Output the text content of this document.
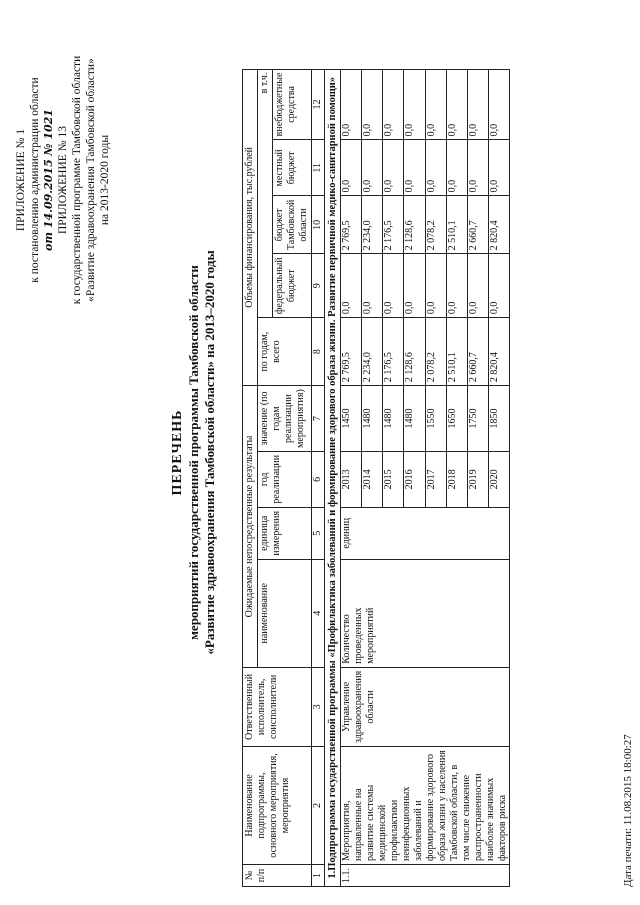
ПРИЛОЖЕНИЕ № 1 к постановлению администрации области от 14.09.2015 № 1021 ПРИЛОЖЕНИЕ № 13 к государственной программе Тамбовской области «Развитие здравоохранения Тамбовской области» на 2013-2020 годы
ПЕРЕЧЕНЬ мероприятий государственной программы Тамбовской области «Развитие здравоохранения Тамбовской области» на 2013–2020 годы
№ п/п	Наименование подпрограммы, основного мероприятия, мероприятия	Ответственный исполнитель, соисполнители	Ожидаемые непосредственные результаты				Объемы финансирования, тыс.рублей				
			наименование	единица измерения	год реализации	значение (по годам реализации мероприятия)	по годам, всего	в т.ч.			
								федеральный бюджет	бюджет Тамбовской области	местный бюджет	внебюджетные средства
1	2	3	4	5	6	7	8	9	10	11	12
1.Подпрограмма государственной программы «Профилактика заболеваний и формирование здорового образа жизни. Развитие первичной медико-санитарной помощи»											
1.1.	Мероприятия, направленные на развитие системы медицинской профилактики неинфекционных заболеваний и формирование здорового образа жизни у населения Тамбовской области, в том числе снижение распространенности наиболее значимых факторов риска	Управление здравоохранения области	Количество проведенных мероприятий	единиц	2013	1450	2 769,5	0,0	2 769,5	0,0	0,0
					2014	1480	2 234,0	0,0	2 234,0	0,0	0,0
					2015	1480	2 176,5	0,0	2 176,5	0,0	0,0
					2016	1480	2 128,6	0,0	2 128,6	0,0	0,0
					2017	1550	2 078,2	0,0	2 078,2	0,0	0,0
					2018	1650	2 510,1	0,0	2 510,1	0,0	0,0
					2019	1750	2 660,7	0,0	2 660,7	0,0	0,0
					2020	1850	2 820,4	0,0	2 820,4	0,0	0,0
Дата печати: 11.08.2015 18:00:27
